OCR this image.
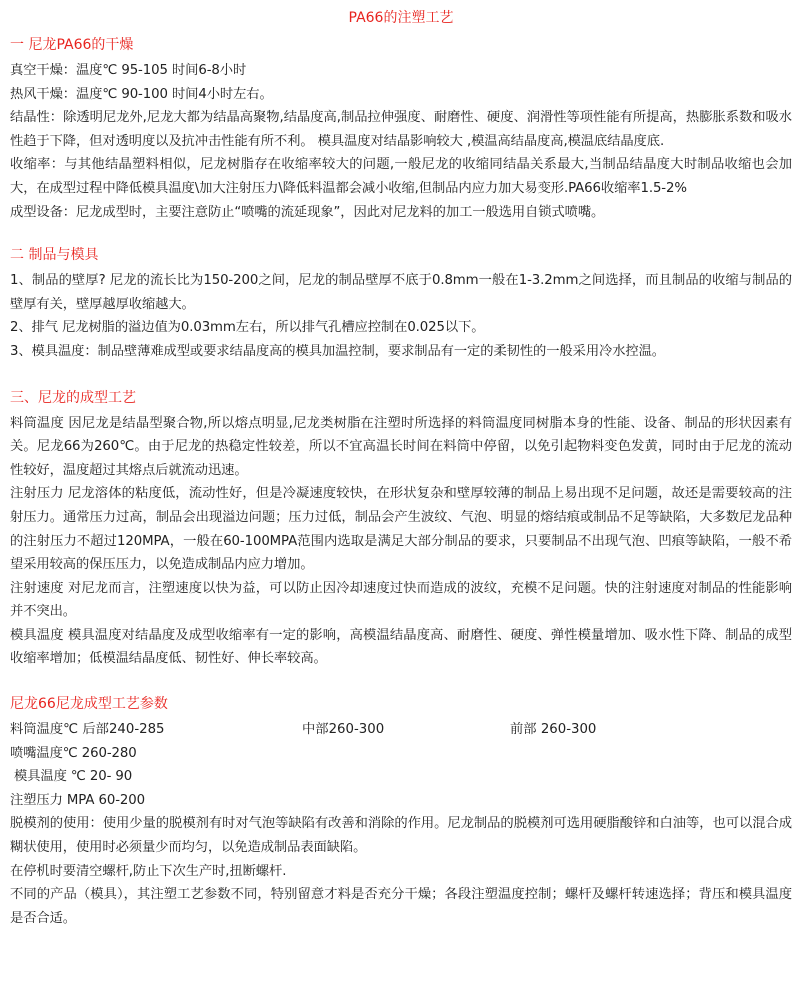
PA66的注塑工艺
一 尼龙PA66的干燥

真空干燥：温度℃ 95-105 时间6-8小时

热风干燥：温度℃ 90-100 时间4小时左右。

结晶性：除透明尼龙外,尼龙大都为结晶高聚物,结晶度高,制品拉伸强度、耐磨性、硬度、润滑性等项性能有所提高，热膨胀系数和吸水性趋于下降，但对透明度以及抗冲击性能有所不利。 模具温度对结晶影响较大 ,模温高结晶度高,模温底结晶度底.

收缩率：与其他结晶塑料相似，尼龙树脂存在收缩率较大的问题,一般尼龙的收缩同结晶关系最大,当制品结晶度大时制品收缩也会加大，在成型过程中降低模具温度\加大注射压力\降低料温都会减小收缩,但制品内应力加大易变形.PA66收缩率1.5-2%

成型设备：尼龙成型时，主要注意防止“喷嘴的流延现象”，因此对尼龙料的加工一般选用自锁式喷嘴。

二 制品与模具

1、制品的壁厚? 尼龙的流长比为150-200之间，尼龙的制品壁厚不底于0.8mm一般在1-3.2mm之间选择，而且制品的收缩与制品的壁厚有关，壁厚越厚收缩越大。

2、排气 尼龙树脂的溢边值为0.03mm左右，所以排气孔槽应控制在0.025以下。

3、模具温度：制品壁薄难成型或要求结晶度高的模具加温控制，要求制品有一定的柔韧性的一般采用冷水控温。

三、尼龙的成型工艺

料筒温度 因尼龙是结晶型聚合物,所以熔点明显,尼龙类树脂在注塑时所选择的料筒温度同树脂本身的性能、设备、制品的形状因素有关。尼龙66为260℃。由于尼龙的热稳定性较差，所以不宜高温长时间在料筒中停留，以免引起物料变色发黄，同时由于尼龙的流动性较好，温度超过其熔点后就流动迅速。

注射压力 尼龙溶体的粘度低，流动性好，但是冷凝速度较快，在形状复杂和壁厚较薄的制品上易出现不足问题，故还是需要较高的注射压力。通常压力过高，制品会出现溢边问题；压力过低，制品会产生波纹、气泡、明显的熔结痕或制品不足等缺陷，大多数尼龙品种的注射压力不超过120MPA，一般在60-100MPA范围内选取是满足大部分制品的要求，只要制品不出现气泡、凹痕等缺陷，一般不希望采用较高的保压压力，以免造成制品内应力增加。

注射速度 对尼龙而言，注塑速度以快为益，可以防止因冷却速度过快而造成的波纹，充模不足问题。快的注射速度对制品的性能影响并不突出。

模具温度 模具温度对结晶度及成型收缩率有一定的影响，高模温结晶度高、耐磨性、硬度、弹性模量增加、吸水性下降、制品的成型收缩率增加；低模温结晶度低、韧性好、伸长率较高。

尼龙66尼龙成型工艺参数
料筒温度℃ 后部240-285	中部260-300	前部 260-300

喷嘴温度℃ 260-280

模具温度 ℃ 20- 90

注塑压力 MPA 60-200

脱模剂的使用：使用少量的脱模剂有时对气泡等缺陷有改善和消除的作用。尼龙制品的脱模剂可选用硬脂酸锌和白油等，也可以混合成糊状使用，使用时必须量少而均匀，以免造成制品表面缺陷。

在停机时要清空螺杆,防止下次生产时,扭断螺杆.

不同的产品（模具），其注塑工艺参数不同，特别留意才料是否充分干燥；各段注塑温度控制；螺杆及螺杆转速选择；背压和模具温度是否合适。
